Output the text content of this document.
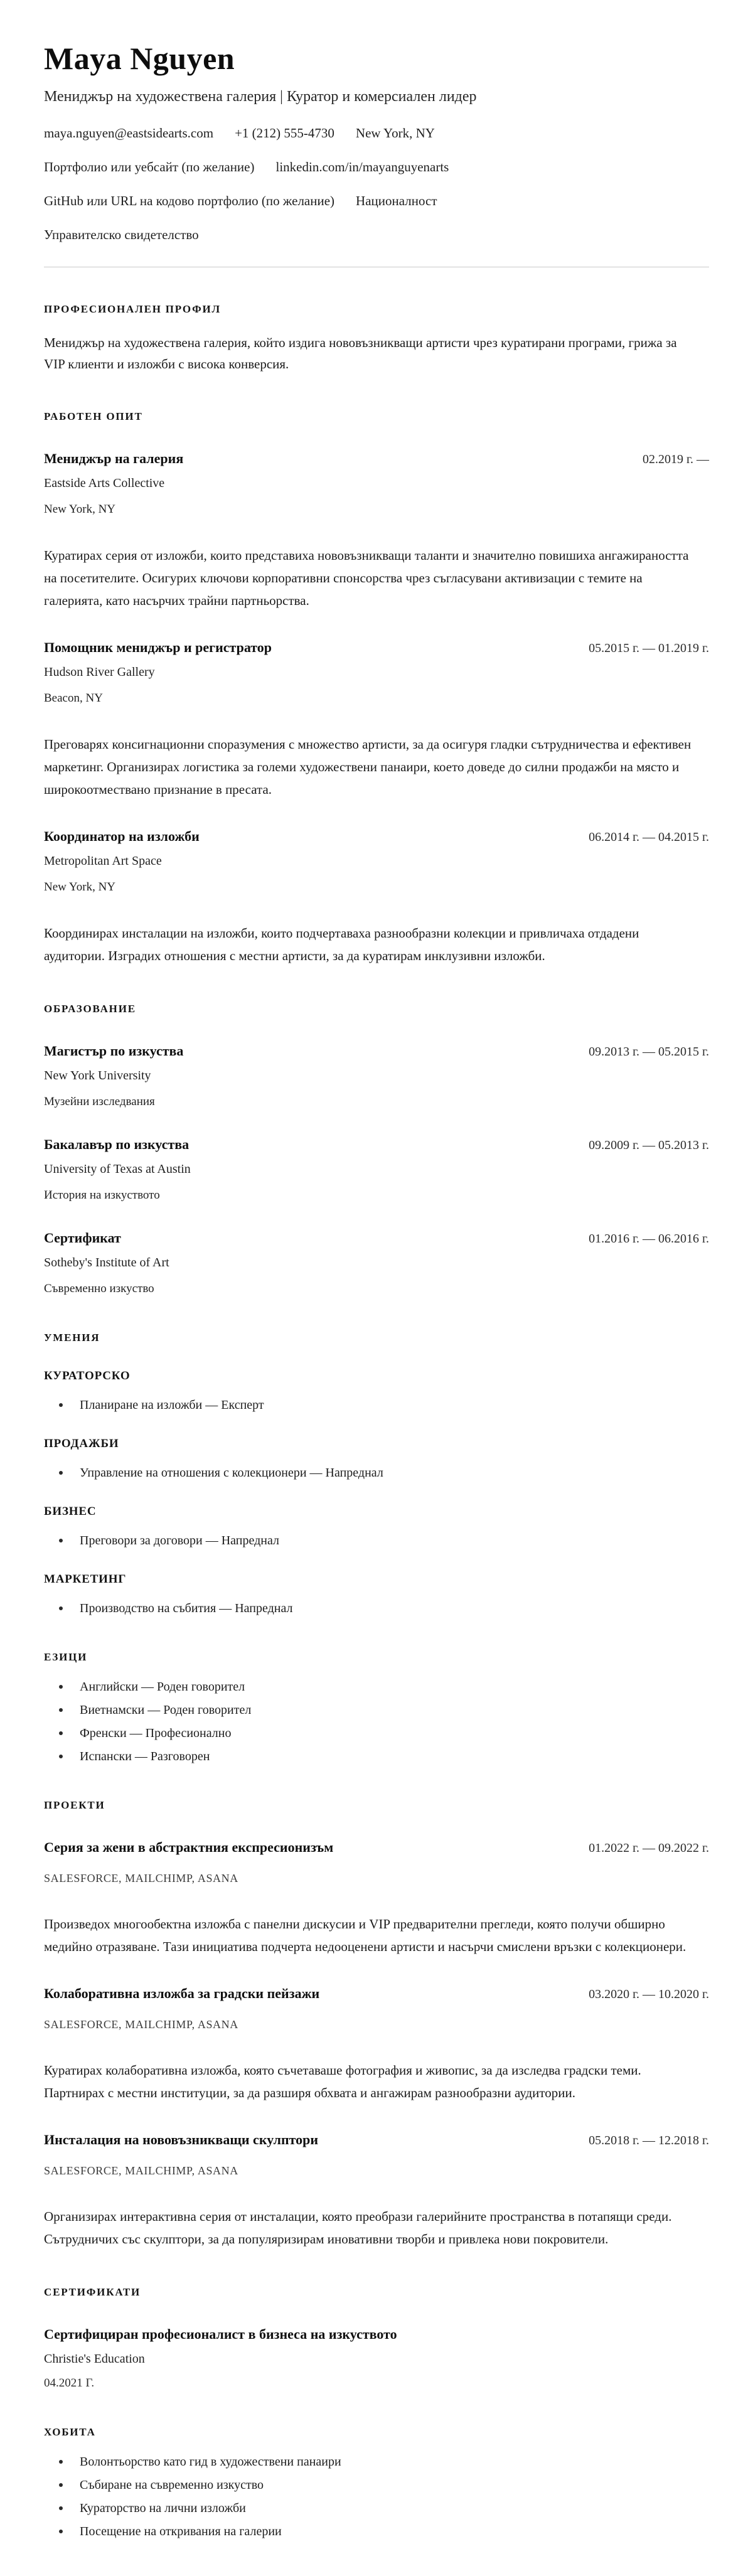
Maya Nguyen
Мениджър на художествена галерия | Куратор и комерсиален лидер
maya.nguyen@eastsidearts.com +1 (212) 555-4730 New York, NY
Портфолио или уебсайт (по желание) linkedin.com/in/mayanguyenarts
GitHub или URL на кодово портфолио (по желание) Националност
Управителско свидетелство
ПРОФЕСИОНАЛЕН ПРОФИЛ

Мениджър на художествена галерия, който издига нововъзникващи артисти чрез куратирани програми, грижа за VIP клиенти и изложби с висока конверсия.

РАБОТЕН ОПИТ
Мениджър на галерия	02.2019 г. —
Eastside Arts Collective
New York, NY

Куратирах серия от изложби, които представиха нововъзникващи таланти и значително повишиха ангажираността на посетителите. Осигурих ключови корпоративни спонсорства чрез съгласувани активизации с темите на галерията, като насърчих трайни партньорства.

Помощник мениджър и регистратор	05.2015 г. — 01.2019 г.
Hudson River Gallery
Beacon, NY

Преговарях консигнационни споразумения с множество артисти, за да осигуря гладки сътрудничества и ефективен маркетинг. Организирах логистика за големи художествени панаири, което доведе до силни продажби на място и широкоотмествано признание в пресата.

Координатор на изложби	06.2014 г. — 04.2015 г.
Metropolitan Art Space
New York, NY

Координирах инсталации на изложби, които подчертаваха разнообразни колекции и привличаха отдадени аудитории. Изградих отношения с местни артисти, за да куратирам инклузивни изложби.

ОБРАЗОВАНИЕ
Магистър по изкуства	09.2013 г. — 05.2015 г.
New York University
Музейни изследвания
Бакалавър по изкуства	09.2009 г. — 05.2013 г.
University of Texas at Austin
История на изкуството
Сертификат	01.2016 г. — 06.2016 г.
Sotheby's Institute of Art
Съвременно изкуство
УМЕНИЯ
КУРАТОРСКО
Планиране на изложби — Експерт
ПРОДАЖБИ
Управление на отношения с колекционери — Напреднал
БИЗНЕС
Преговори за договори — Напреднал
МАРКЕТИНГ
Производство на събития — Напреднал
ЕЗИЦИ
Английски — Роден говорител
Виетнамски — Роден говорител
Френски — Професионално
Испански — Разговорен
ПРОЕКТИ
Серия за жени в абстрактния експресионизъм	01.2022 г. — 09.2022 г.
SALESFORCE, MAILCHIMP, ASANA

Произведох многообектна изложба с панелни дискусии и VIP предварителни прегледи, която получи обширно медийно отразяване. Тази инициатива подчерта недооценени артисти и насърчи смислени връзки с колекционери.

Колаборативна изложба за градски пейзажи	03.2020 г. — 10.2020 г.
SALESFORCE, MAILCHIMP, ASANA

Куратирах колаборативна изложба, която съчетаваше фотография и живопис, за да изследва градски теми. Партнирах с местни институции, за да разширя обхвата и ангажирам разнообразни аудитории.

Инсталация на нововъзникващи скулптори	05.2018 г. — 12.2018 г.
SALESFORCE, MAILCHIMP, ASANA

Организирах интерактивна серия от инсталации, която преобрази галерийните пространства в потапящи среди. Сътрудничих със скулптори, за да популяризирам иновативни творби и привлека нови покровители.

СЕРТИФИКАТИ
Сертифициран професионалист в бизнеса на изкуството
Christie's Education
04.2021 Г.
ХОБИТА
Волонтьорство като гид в художествени панаири
Събиране на съвременно изкуство
Кураторство на лични изложби
Посещение на откривания на галерии
